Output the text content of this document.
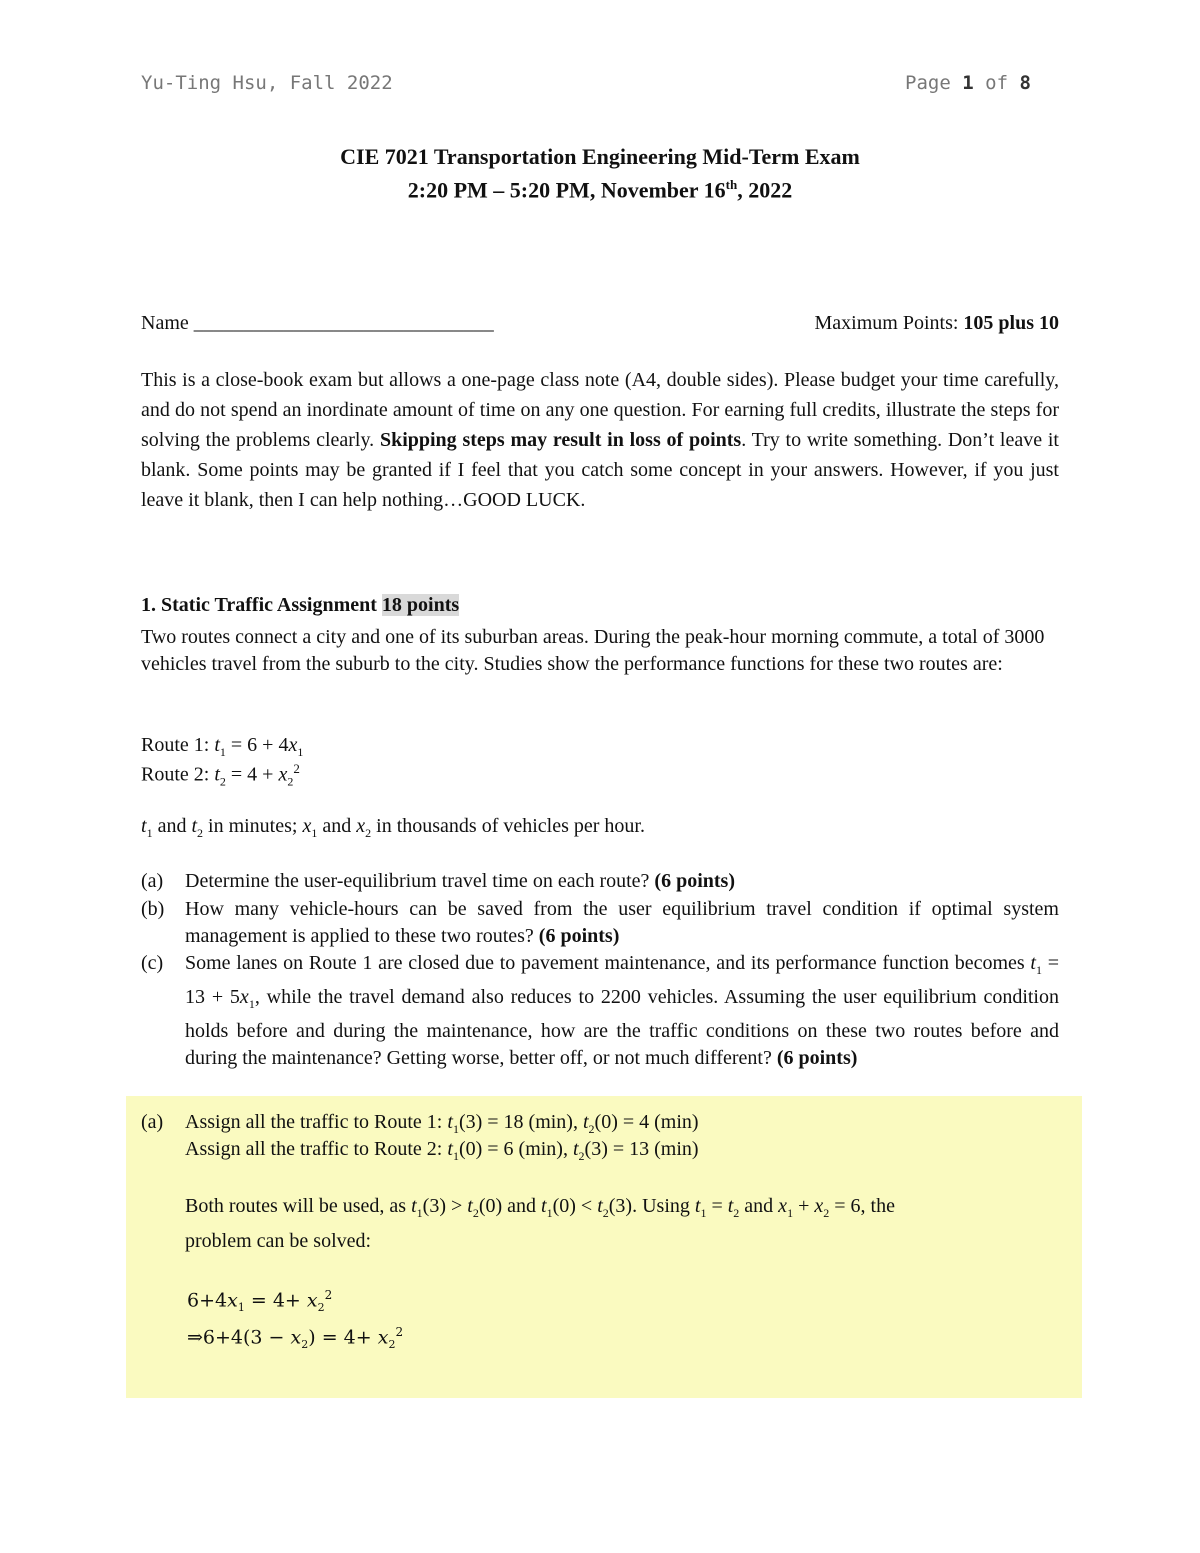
Yu-Ting Hsu, Fall 2022	Page 1 of 8
CIE 7021 Transportation Engineering Mid-Term Exam
2:20 PM – 5:20 PM, November 16th, 2022
Name ______________________________	Maximum Points: 105 plus 10
This is a close-book exam but allows a one-page class note (A4, double sides). Please budget your time carefully, and do not spend an inordinate amount of time on any one question. For earning full credits, illustrate the steps for solving the problems clearly. Skipping steps may result in loss of points. Try to write something. Don’t leave it blank. Some points may be granted if I feel that you catch some concept in your answers. However, if you just leave it blank, then I can help nothing…GOOD LUCK.
1. Static Traffic Assignment 18 points
Two routes connect a city and one of its suburban areas. During the peak-hour morning commute, a total of 3000 vehicles travel from the suburb to the city. Studies show the performance functions for these two routes are:
Route 1: $t_1 = 6 + 4x_1$
Route 2: $t_2 = 4 + x_2^2$
$t_1$ and $t_2$ in minutes; $x_1$ and $x_2$ in thousands of vehicles per hour.
(a) Determine the user-equilibrium travel time on each route? (6 points)
(b) How many vehicle-hours can be saved from the user equilibrium travel condition if optimal system management is applied to these two routes? (6 points)
(c) Some lanes on Route 1 are closed due to pavement maintenance, and its performance function becomes $t_1 = 13 + 5x_1$, while the travel demand also reduces to 2200 vehicles. Assuming the user equilibrium condition holds before and during the maintenance, how are the traffic conditions on these two routes before and during the maintenance? Getting worse, better off, or not much different? (6 points)
(a) Assign all the traffic to Route 1: $t_1(3) = 18$ (min), $t_2(0) = 4$ (min)
Assign all the traffic to Route 2: $t_1(0) = 6$ (min), $t_2(3) = 13$ (min)
Both routes will be used, as $t_1(3) > t_2(0)$ and $t_1(0) < t_2(3)$. Using $t_1 = t_2$ and $x_1 + x_2 = 6$, the
problem can be solved:
$6+4x_1 = 4+ x_2^2$
⇒6+4(3 − $x_2) = 4+ x_2^2$
